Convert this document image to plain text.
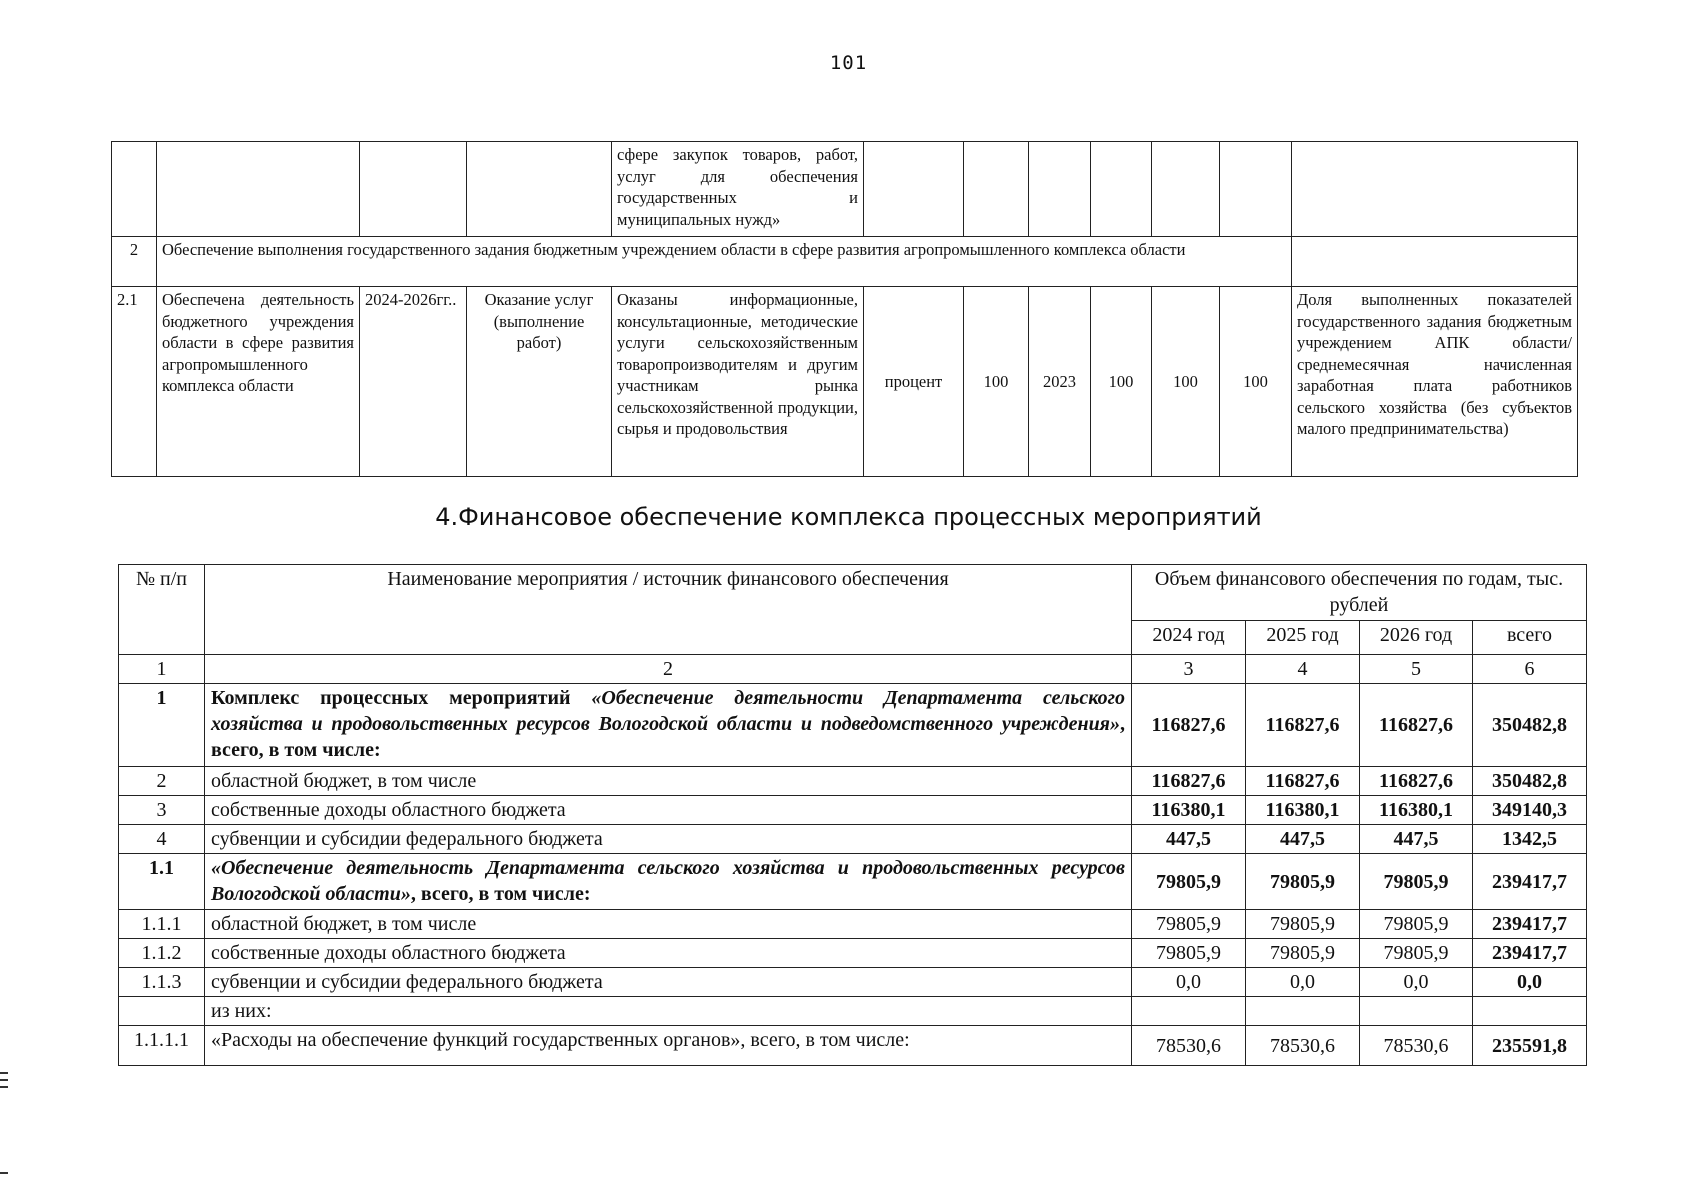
101
				сфере закупок товаров, работ, услуг для обеспечения государственных и муниципальных нужд»							
2	Обеспечение выполнения государственного задания бюджетным учреждением области в сфере развития агропромышленного комплекса области										
2.1	Обеспечена деятельность бюджетного учреждения области в сфере развития агропромышленного комплекса области	2024-2026гг..	Оказание услуг (выполнение работ)	Оказаны информационные, консультационные, методические услуги сельскохозяйственным товаропроизводителям и другим участникам рынка сельскохозяйственной продукции, сырья и продовольствия	процент	100	2023	100	100	100	Доля выполненных показателей государственного задания бюджетным учреждением АПК области/ среднемесячная начисленная заработная плата работников сельского хозяйства (без субъектов малого предпринимательства)
4.Финансовое обеспечение комплекса процессных мероприятий
№ п/п	Наименование мероприятия / источник финансового обеспечения	Объем финансового обеспечения по годам, тыс. рублей			
		2024 год	2025 год	2026 год	всего
1	2	3	4	5	6
1	Комплекс процессных мероприятий «Обеспечение деятельности Департамента сельского хозяйства и продовольственных ресурсов Вологодской области и подведомственного учреждения», всего, в том числе:	116827,6	116827,6	116827,6	350482,8
2	областной бюджет, в том числе	116827,6	116827,6	116827,6	350482,8
3	собственные доходы областного бюджета	116380,1	116380,1	116380,1	349140,3
4	субвенции и субсидии федерального бюджета	447,5	447,5	447,5	1342,5
1.1	«Обеспечение деятельность Департамента сельского хозяйства и продовольственных ресурсов Вологодской области», всего, в том числе:	79805,9	79805,9	79805,9	239417,7
1.1.1	областной бюджет, в том числе	79805,9	79805,9	79805,9	239417,7
1.1.2	собственные доходы областного бюджета	79805,9	79805,9	79805,9	239417,7
1.1.3	субвенции и субсидии федерального бюджета	0,0	0,0	0,0	0,0
	из них:				
1.1.1.1	«Расходы на обеспечение функций государственных органов», всего, в том числе:	78530,6	78530,6	78530,6	235591,8
